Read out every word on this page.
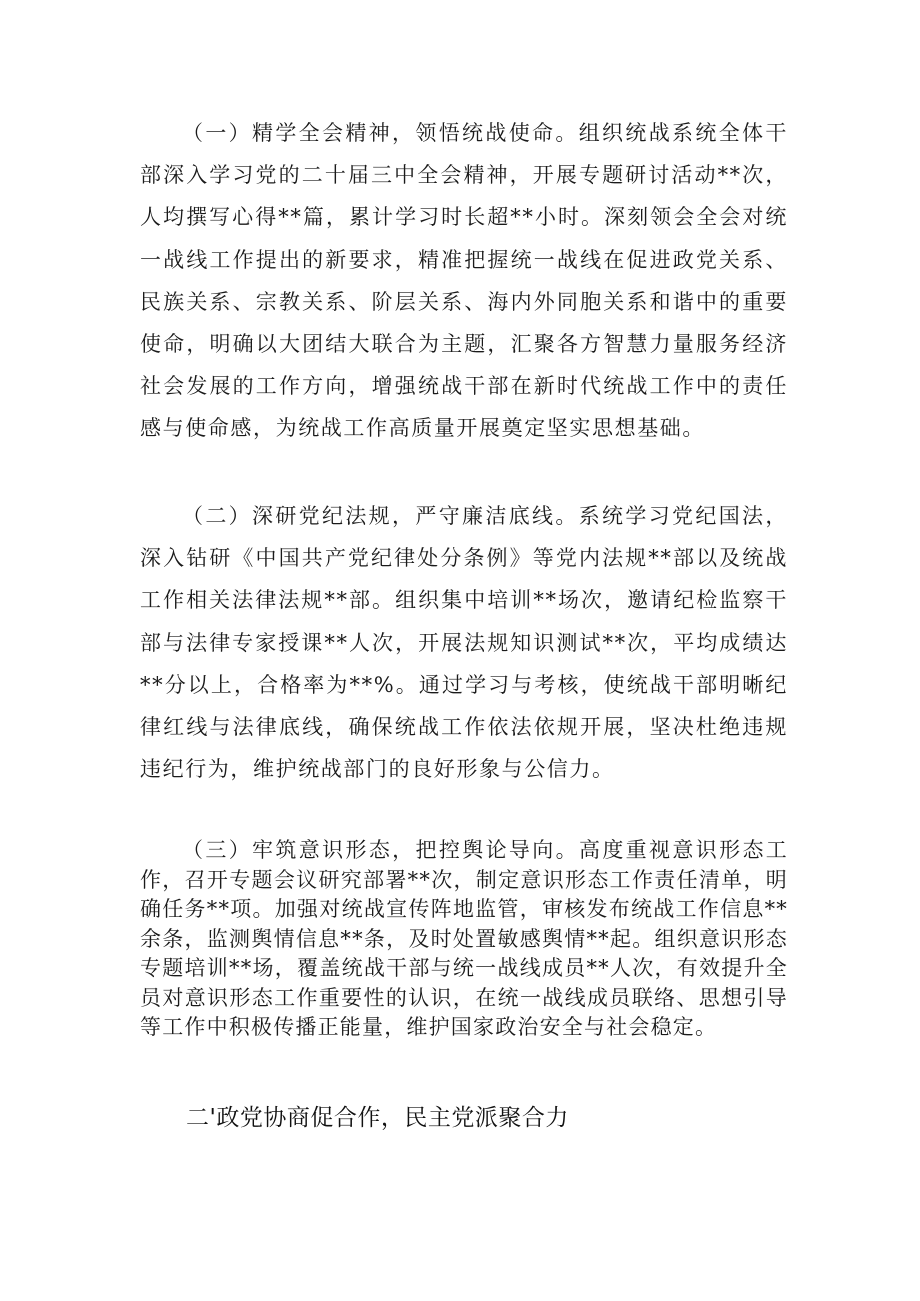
（一）精学全会精神，领悟统战使命。组织统战系统全体干部深入学习党的二十届三中全会精神，开展专题研讨活动**次，人均撰写心得**篇，累计学习时长超**小时。深刻领会全会对统一战线工作提出的新要求，精准把握统一战线在促进政党关系、民族关系、宗教关系、阶层关系、海内外同胞关系和谐中的重要使命，明确以大团结大联合为主题，汇聚各方智慧力量服务经济社会发展的工作方向，增强统战干部在新时代统战工作中的责任感与使命感，为统战工作高质量开展奠定坚实思想基础。

（二）深研党纪法规，严守廉洁底线。系统学习党纪国法，深入钻研《中国共产党纪律处分条例》等党内法规**部以及统战工作相关法律法规**部。组织集中培训**场次，邀请纪检监察干部与法律专家授课**人次，开展法规知识测试**次，平均成绩达**分以上，合格率为**%。通过学习与考核，使统战干部明晰纪律红线与法律底线，确保统战工作依法依规开展，坚决杜绝违规违纪行为，维护统战部门的良好形象与公信力。

（三）牢筑意识形态，把控舆论导向。高度重视意识形态工作，召开专题会议研究部署**次，制定意识形态工作责任清单，明确任务**项。加强对统战宣传阵地监管，审核发布统战工作信息**余条，监测舆情信息**条，及时处置敏感舆情**起。组织意识形态专题培训**场，覆盖统战干部与统一战线成员**人次，有效提升全员对意识形态工作重要性的认识，在统一战线成员联络、思想引导等工作中积极传播正能量，维护国家政治安全与社会稳定。

二'政党协商促合作，民主党派聚合力
